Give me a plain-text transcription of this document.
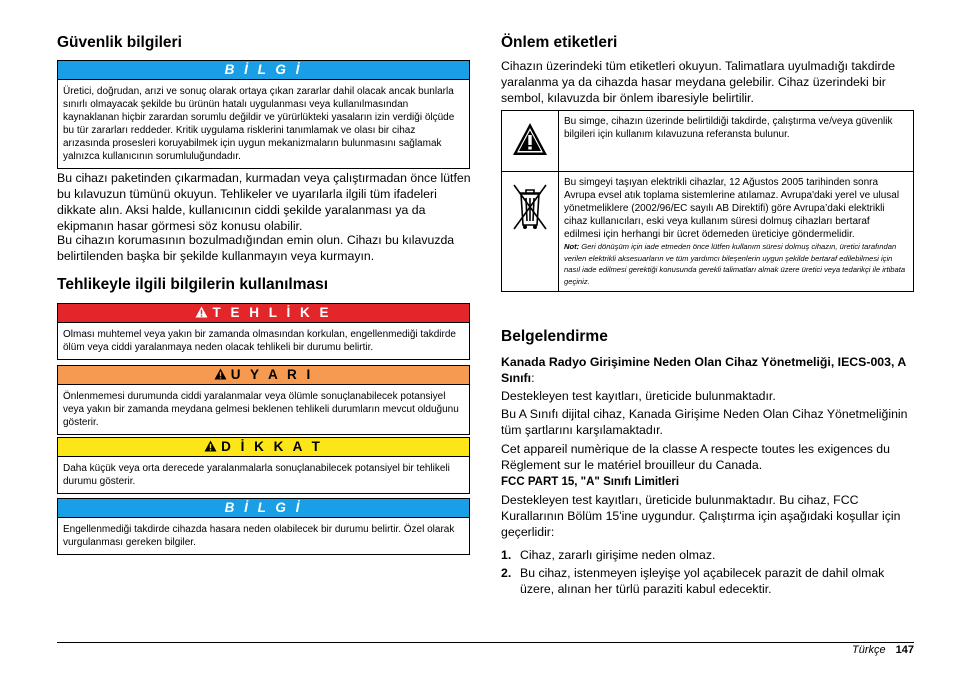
Güvenlik bilgileri
B İ L G İ
Üretici, doğrudan, arızi ve sonuç olarak ortaya çıkan zararlar dahil olacak ancak bunlarla sınırlı olmayacak şekilde bu ürünün hatalı uygulanması veya kullanılmasından kaynaklanan hiçbir zarardan sorumlu değildir ve yürürlükteki yasaların izin verdiği ölçüde bu tür zararları reddeder. Kritik uygulama risklerini tanımlamak ve olası bir cihaz arızasında prosesleri koruyabilmek için uygun mekanizmaların bulunmasını sağlamak yalnızca kullanıcının sorumluluğundadır.

Bu cihazı paketinden çıkarmadan, kurmadan veya çalıştırmadan önce lütfen bu kılavuzun tümünü okuyun. Tehlikeler ve uyarılarla ilgili tüm ifadeleri dikkate alın. Aksi halde, kullanıcının ciddi şekilde yaralanması ya da ekipmanın hasar görmesi söz konusu olabilir.

Bu cihazın korumasının bozulmadığından emin olun. Cihazı bu kılavuzda belirtilenden başka bir şekilde kullanmayın veya kurmayın.

Tehlikeyle ilgili bilgilerin kullanılması
T E H L İ K E
Olması muhtemel veya yakın bir zamanda olmasından korkulan, engellenmediği takdirde ölüm veya ciddi yaralanmaya neden olacak tehlikeli bir durumu belirtir.
U Y A R I
Önlenmemesi durumunda ciddi yaralanmalar veya ölümle sonuçlanabilecek potansiyel veya yakın bir zamanda meydana gelmesi beklenen tehlikeli durumların mevcut olduğunu gösterir.
D İ K K A T
Daha küçük veya orta derecede yaralanmalarla sonuçlanabilecek potansiyel bir tehlikeli durumu gösterir.
B İ L G İ
Engellenmediği takdirde cihazda hasara neden olabilecek bir durumu belirtir. Özel olarak vurgulanması gereken bilgiler.
Önlem etiketleri

Cihazın üzerindeki tüm etiketleri okuyun. Talimatlara uyulmadığı takdirde yaralanma ya da cihazda hasar meydana gelebilir. Cihaz üzerindeki bir sembol, kılavuzda bir önlem ibaresiyle belirtilir.

	Bu simge, cihazın üzerinde belirtildiği takdirde, çalıştırma ve/veya güvenlik bilgileri için kullanım kılavuzuna referansta bulunur.
	Bu simgeyi taşıyan elektrikli cihazlar, 12 Ağustos 2005 tarihinden sonra Avrupa evsel atık toplama sistemlerine atılamaz. Avrupa'daki yerel ve ulusal yönetmeliklere (2002/96/EC sayılı AB Direktifi) göre Avrupa’daki elektrikli cihaz kullanıcıları, eski veya kullanım süresi dolmuş cihazları bertaraf edilmesi için herhangi bir ücret ödemeden üreticiye göndermelidir.
Not: Geri dönüşüm için iade etmeden önce lütfen kullanım süresi dolmuş cihazın, üretici tarafından verilen elektrikli aksesuarların ve tüm yardımcı bileşenlerin uygun şekilde bertaraf edilebilmesi için nasıl iade edilmesi gerektiği konusunda gerekli talimatları almak üzere üretici veya tedarikçi ile irtibata geçiniz.
Belgelendirme

Kanada Radyo Girişimine Neden Olan Cihaz Yönetmeliği, IECS-003, A Sınıfı:

Destekleyen test kayıtları, üreticide bulunmaktadır.

Bu A Sınıfı dijital cihaz, Kanada Girişime Neden Olan Cihaz Yönetmeliğinin tüm şartlarını karşılamaktadır.

Cet appareil numèrique de la classe A respecte toutes les exigences du Rëglement sur le matériel brouilleur du Canada.

FCC PART 15, "A" Sınıfı Limitleri

Destekleyen test kayıtları, üreticide bulunmaktadır. Bu cihaz, FCC Kurallarının Bölüm 15'ine uygundur. Çalıştırma için aşağıdaki koşullar için geçerlidir:

1. Cihaz, zararlı girişime neden olmaz.
2. Bu cihaz, istenmeyen işleyişe yol açabilecek parazit de dahil olmak üzere, alınan her türlü paraziti kabul edecektir.
Türkçe 147
